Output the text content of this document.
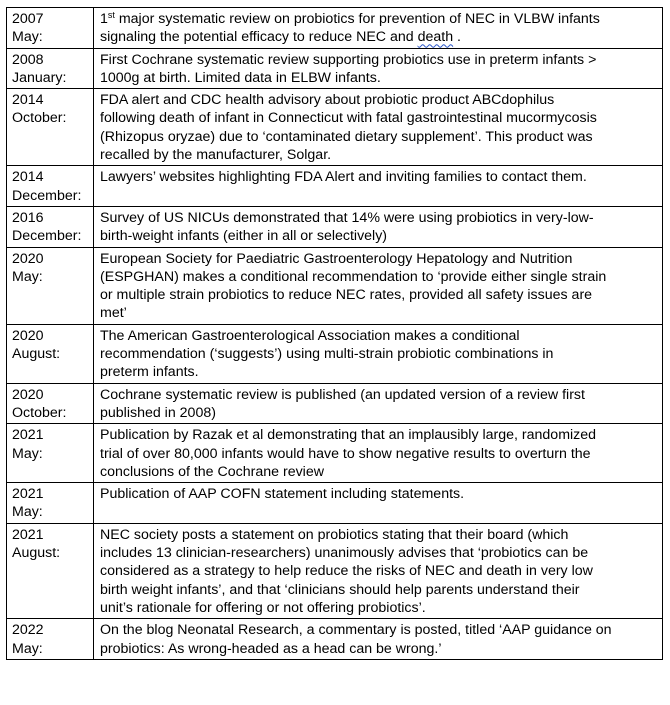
2007
May:	1st major systematic review on probiotics for prevention of NEC in VLBW infants
signaling the potential efficacy to reduce NEC and death .

2008
January:	First Cochrane systematic review supporting probiotics use in preterm infants >
1000g at birth. Limited data in ELBW infants.

2014
October:	FDA alert and CDC health advisory about probiotic product ABCdophilus
following death of infant in Connecticut with fatal gastrointestinal mucormycosis
(Rhizopus oryzae) due to ‘contaminated dietary supplement’. This product was
recalled by the manufacturer, Solgar.

2014
December:	Lawyers’ websites highlighting FDA Alert and inviting families to contact them.

2016
December:	Survey of US NICUs demonstrated that 14% were using probiotics in very-low-
birth-weight infants (either in all or selectively)

2020
May:	European Society for Paediatric Gastroenterology Hepatology and Nutrition
(ESPGHAN) makes a conditional recommendation to ‘provide either single strain
or multiple strain probiotics to reduce NEC rates, provided all safety issues are
met’

2020
August:	The American Gastroenterological Association makes a conditional
recommendation (‘suggests’) using multi-strain probiotic combinations in
preterm infants.

2020
October:	Cochrane systematic review is published (an updated version of a review first
published in 2008)

2021
May:	Publication by Razak et al demonstrating that an implausibly large, randomized
trial of over 80,000 infants would have to show negative results to overturn the
conclusions of the Cochrane review

2021
May:	Publication of AAP COFN statement including statements.

2021
August:	NEC society posts a statement on probiotics stating that their board (which
includes 13 clinician-researchers) unanimously advises that ‘probiotics can be
considered as a strategy to help reduce the risks of NEC and death in very low
birth weight infants’, and that ‘clinicians should help parents understand their
unit’s rationale for offering or not offering probiotics’.

2022
May:	On the blog Neonatal Research, a commentary is posted, titled ‘AAP guidance on
probiotics: As wrong-headed as a head can be wrong.’
